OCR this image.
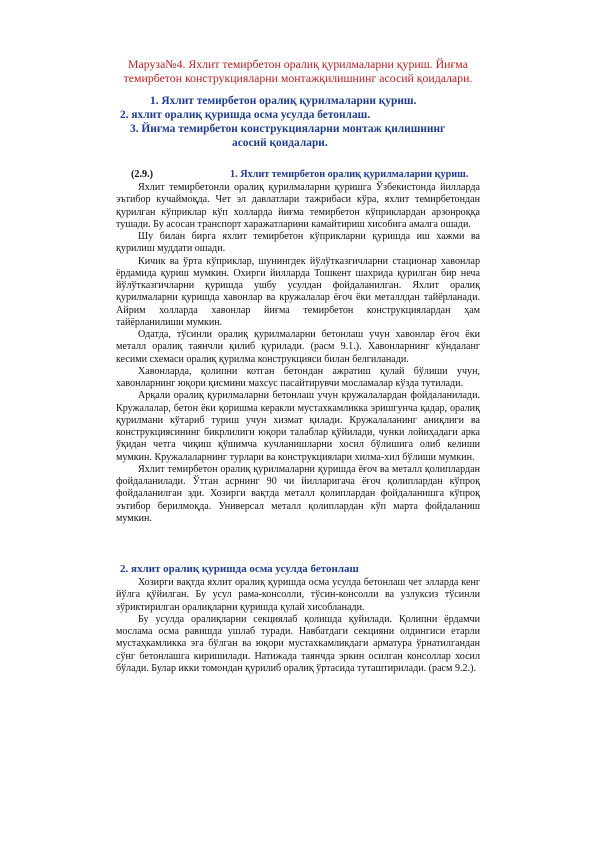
Маруза№4. Яхлит темирбетон оралиқ қурилмаларни қуриш. Йиғма
темирбетон конструкцияларни монтажқилишнинг асосий қоидалари.
1. Яхлит темирбетон оралиқ қурилмаларни қуриш.
2. яхлит оралиқ қуришда осма усулда бетонлаш.
3. Йиғма темирбетон конструкцияларни монтаж қилишнинг
асосий қоидалари.
(2.9.)	1. Яхлит темирбетон оралиқ қурилмаларни қуриш.

Яхлит темирбетонли оралиқ қурилмаларни қуришга Ўзбекистонда йилларда эътибор кучаймоқда. Чет эл давлатлари тажрибаси кўра, яхлит темирбетондан қурилган кўприклар кўп холларда йиғма темирбетон кўприклардан арзонроққа тушади. Бу асосан транспорт харажатларини камайтириш хисобига амалга ошади.

Шу билан бирга яхлит темирбетон кўприкларни қуришда иш хажми ва қурилиш муддати ошади.

Кичик ва ўрта кўприклар, шунингдек йўлўтказгичларни стационар хавонлар ёрдамида қуриш мумкин. Охирги йилларда Тошкент шахрида қурилган бир неча йўлўтказгичларни қуришда ушбу усулдан фойдаланилган. Яхлит оралиқ қурилмаларни қуришда хавонлар ва кружалалар ёғоч ёки металлдан тайёрланади. Айрим холларда хавонлар йиғма темирбетон конструкциялардан ҳам тайёрланилиши мумкин.

Одатда, тўсинли оралиқ қурилмаларни бетонлаш учун хавонлар ёғоч ёки металл оралиқ таянчли қилиб қурилади. (расм 9.1.). Хавонларнинг кўндаланг кесими схемаси оралиқ қурилма конструкцияси билан белгиланади.

Хавонларда, қолипни котган бетондан ажратиш қулай бўлиши учун, хавонларнинг юқори қисмини махсус пасайтирувчи мосламалар кўзда тутилади.

Арқали оралиқ қурилмаларни бетонлаш учун кружалалардан фойдаланилади. Кружалалар, бетон ёки қоришма керакли мустахкамликка эришгунча қадар, оралиқ қурилмани кўтариб туриш учун хизмат қилади. Кружалаланинг аниқлиги ва конструкциясининг бикрлилиги юқори талаблар қўйилади, чунки лойиҳадаги арка ўқидан четга чиқиш қўшимча кучланишларни хосил бўлишига олиб келиши мумкин. Кружалаларнинг турлари ва конструкциялари хилма-хил бўлиши мумкин.

Яхлит темирбетон оралиқ қурилмаларни қуришда ёғоч ва металл қолиплардан фойдаланилади. Ўтган асрнинг 90 чи йилларигача ёғоч қолиплардан кўпроқ фойдаланилган эди. Хозирги вақтда металл қолиплардан фойдаланишга кўпроқ эътибор берилмоқда. Универсал металл қолиплардан кўп марта фойдаланиш мумкин.

2. яхлит оралиқ қуришда осма усулда бетонлаш

Хозирги вақтда яхлит оралиқ қуришда осма усулда бетонлаш чет элларда кенг йўлга қўйилган. Бу усул рама-консолли, тўсин-консолли ва узлуксиз тўсинли зўриктирилган оралиқларни қуришда қулай хисобланади.

Бу усулда оралиқларни секциялаб қолишда қуйилади. Қолипни ёрдамчи мослама осма равишда ушлаб туради. Навбатдаги секцияни олдингиси етарли мустаҳкамликка эга бўлган ва юқори мустахкамликдаги арматура ўрнатилгандан сўнг бетонлашга киришилади. Натижада таянчда эркин осилган консоллар хосил бўлади. Булар икки томондан қурилиб оралиқ ўртасида туташтирилади. (расм 9.2.).
